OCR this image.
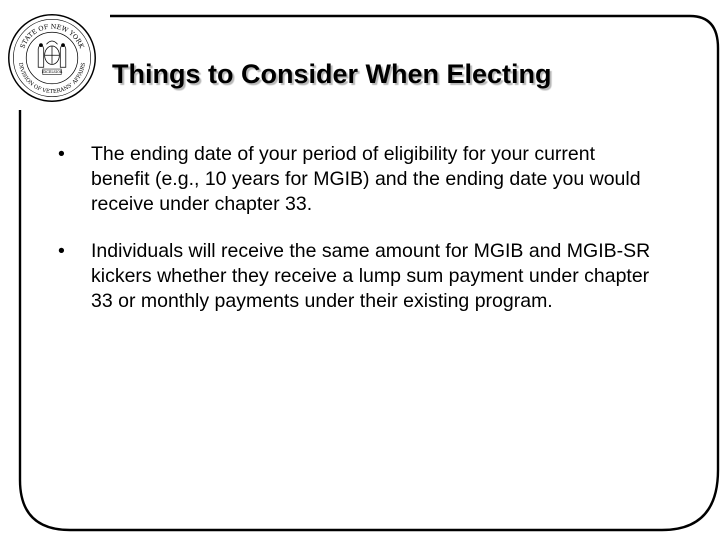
STATE OF NEW YORK
DIVISION OF VETERANS' AFFAIRS
EXCELSIOR Things to Consider When Electing
• The ending date of your period of eligibility for your current benefit (e.g., 10 years for MGIB) and the ending date you would receive under chapter 33.
• Individuals will receive the same amount for MGIB and MGIB-SR kickers whether they receive a lump sum payment under chapter 33 or monthly payments under their existing program.
